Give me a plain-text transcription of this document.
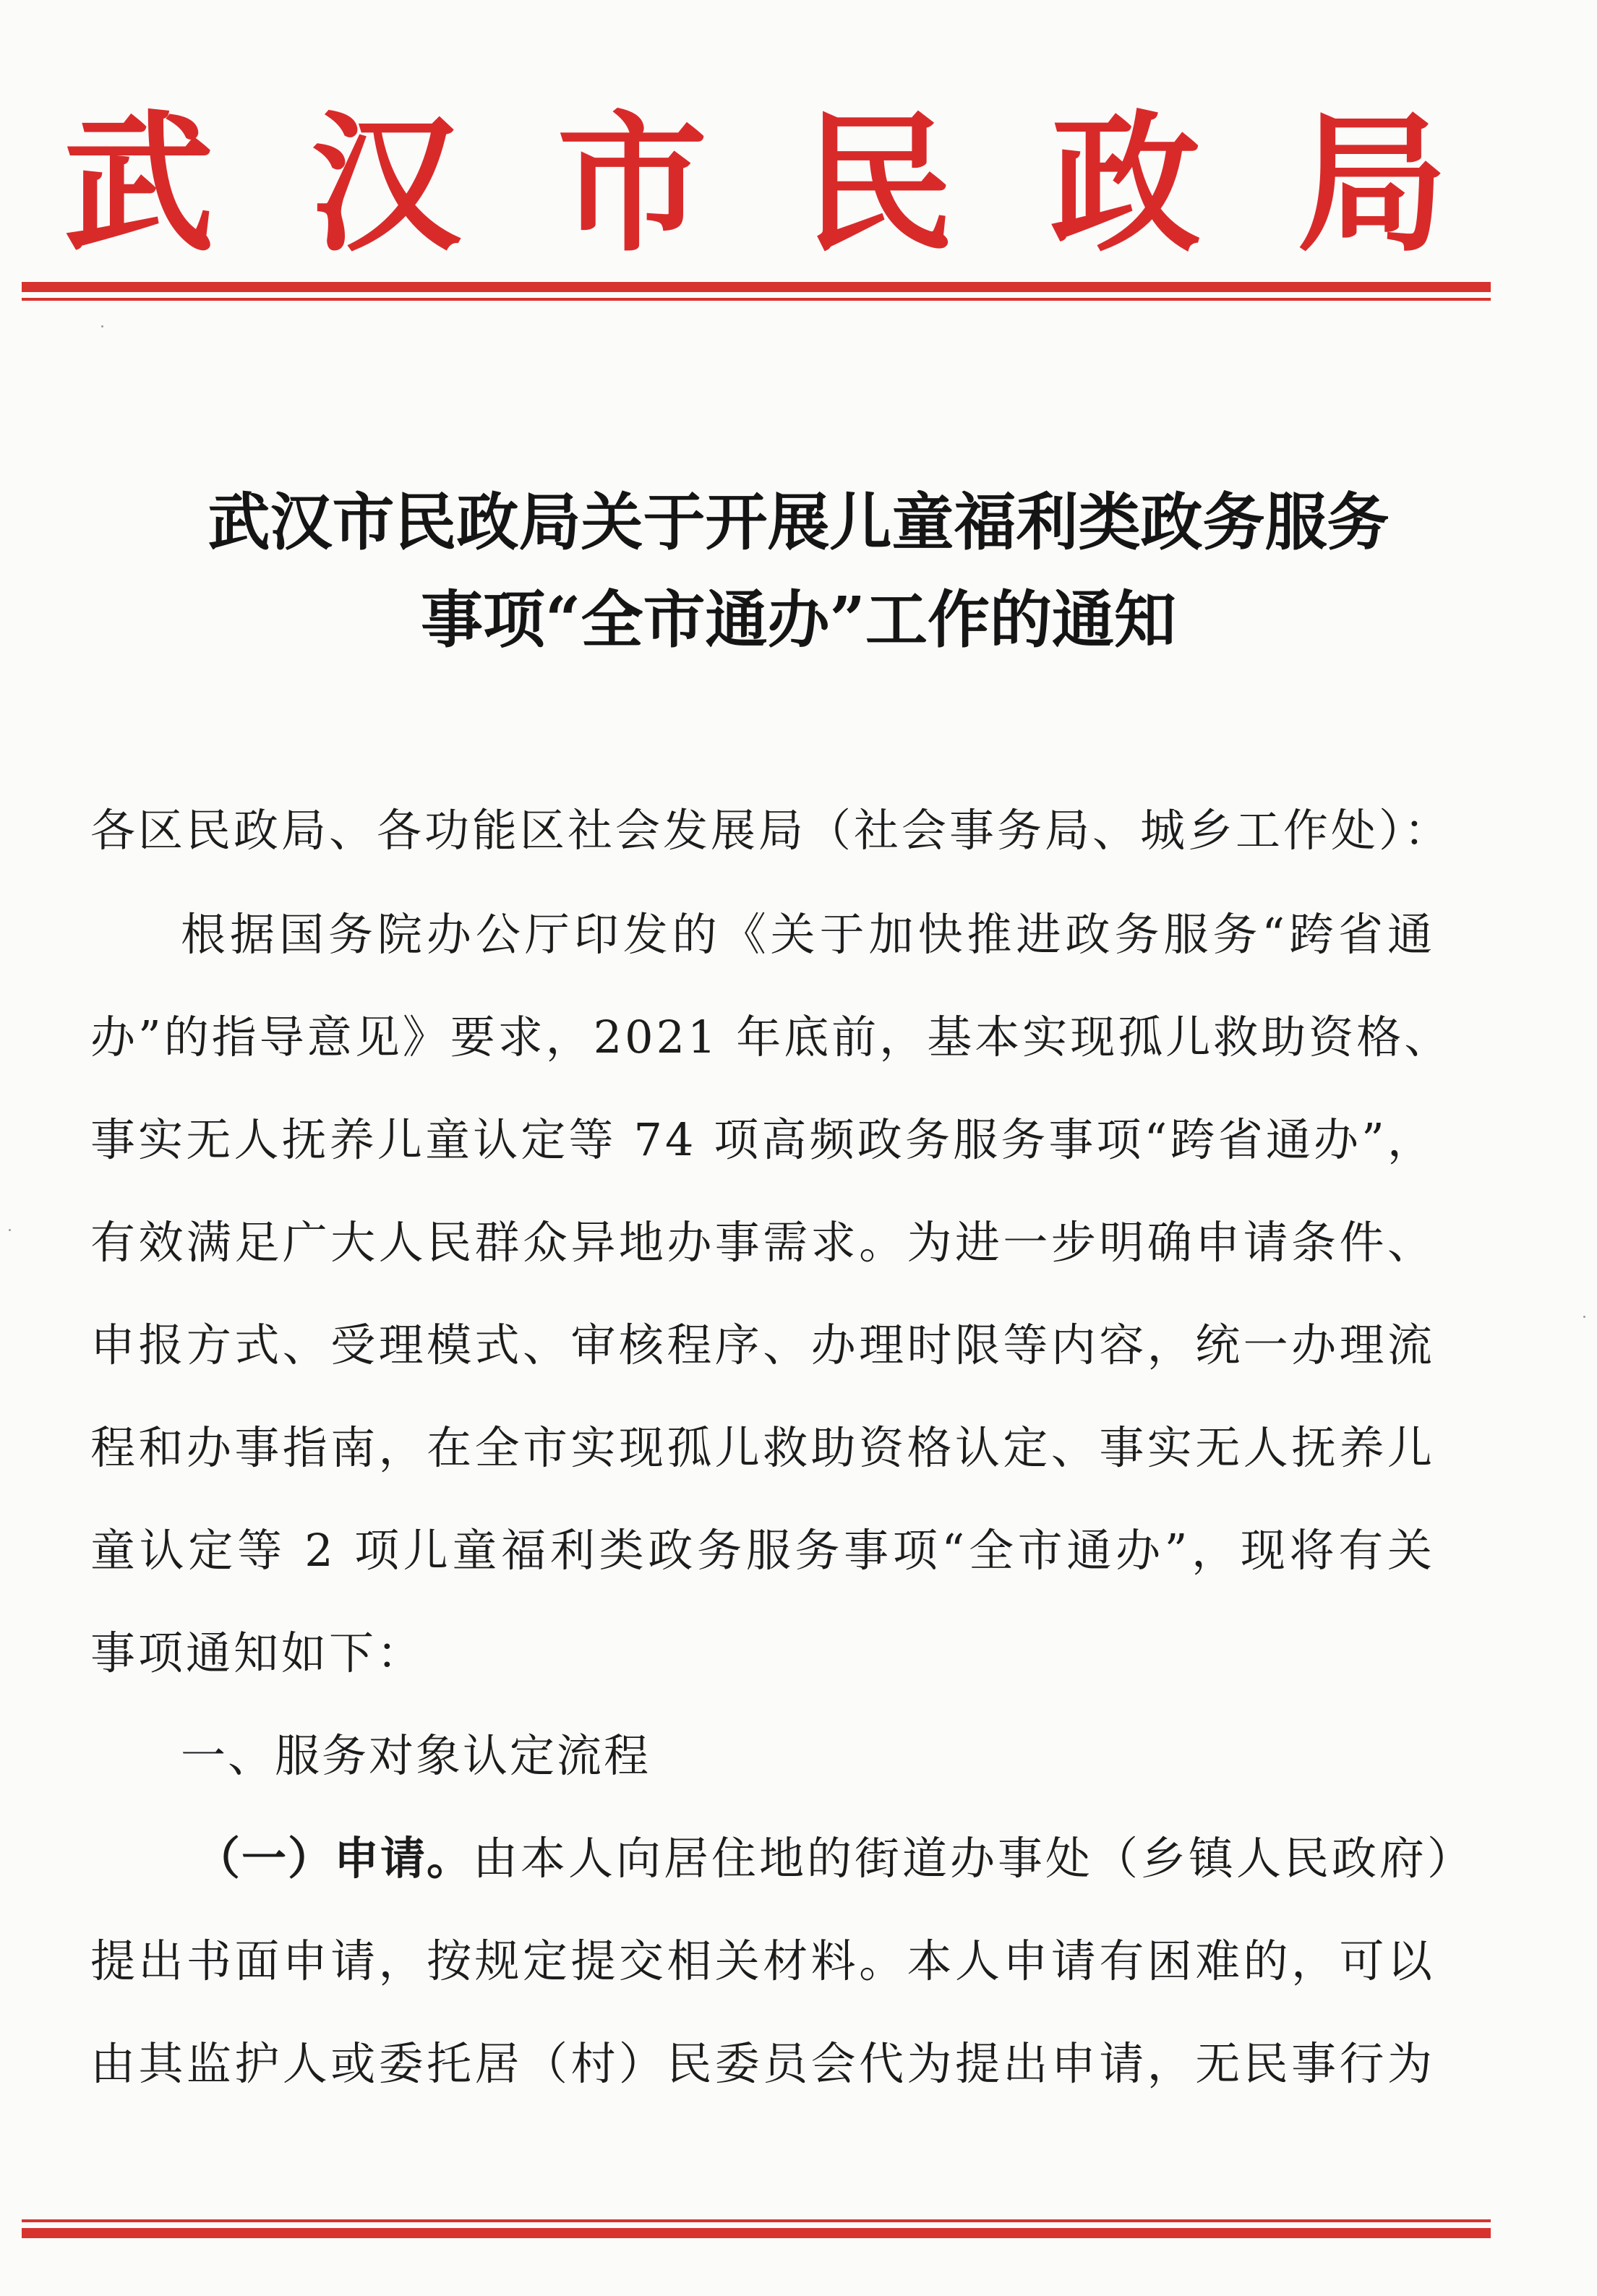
武 汉 市 民 政 局
武汉市民政局关于开展儿童福利类政务服务
事项“全市通办”工作的通知

各区民政局、各功能区社会发展局（社会事务局、城乡工作处）：

根据国务院办公厅印发的《关于加快推进政务服务“跨省通

办”的指导意见》要求，2021 年底前，基本实现孤儿救助资格、

事实无人抚养儿童认定等 74 项高频政务服务事项“跨省通办”，

有效满足广大人民群众异地办事需求。为进一步明确申请条件、

申报方式、受理模式、审核程序、办理时限等内容，统一办理流

程和办事指南，在全市实现孤儿救助资格认定、事实无人抚养儿

童认定等 2 项儿童福利类政务服务事项“全市通办”，现将有关

事项通知如下：

一、服务对象认定流程

（一）申请。由本人向居住地的街道办事处（乡镇人民政府）

提出书面申请，按规定提交相关材料。本人申请有困难的，可以

由其监护人或委托居（村）民委员会代为提出申请，无民事行为
